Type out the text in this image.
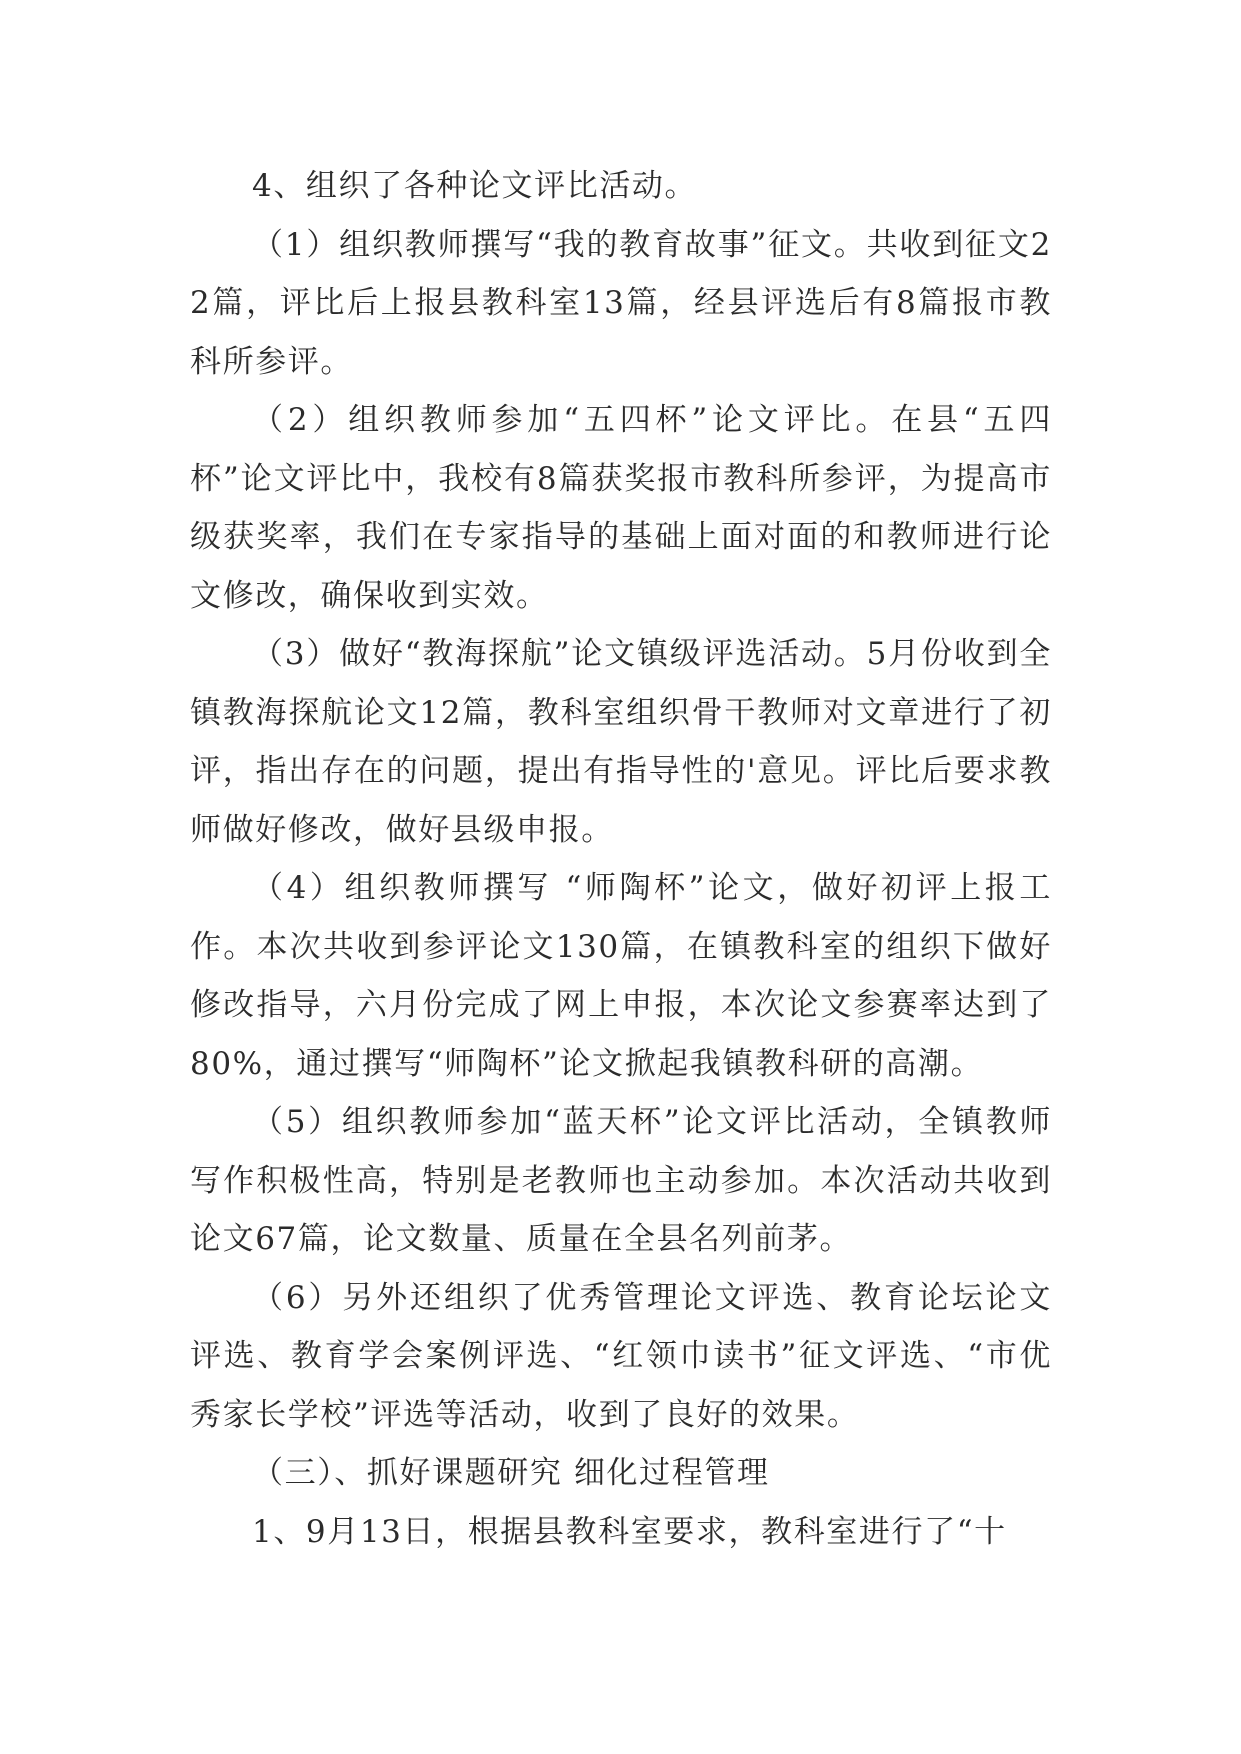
4、组织了各种论文评比活动。

（1）组织教师撰写“我的教育故事”征文。共收到征文22篇，评比后上报县教科室13篇，经县评选后有8篇报市教科所参评。

（2）组织教师参加“五四杯”论文评比。在县“五四杯”论文评比中，我校有8篇获奖报市教科所参评，为提高市级获奖率，我们在专家指导的基础上面对面的和教师进行论文修改，确保收到实效。

（3）做好“教海探航”论文镇级评选活动。5月份收到全镇教海探航论文12篇，教科室组织骨干教师对文章进行了初评，指出存在的问题，提出有指导性的'意见。评比后要求教师做好修改，做好县级申报。

（4）组织教师撰写 “师陶杯”论文，做好初评上报工作。本次共收到参评论文130篇，在镇教科室的组织下做好修改指导，六月份完成了网上申报，本次论文参赛率达到了80%，通过撰写“师陶杯”论文掀起我镇教科研的高潮。

（5）组织教师参加“蓝天杯”论文评比活动，全镇教师写作积极性高，特别是老教师也主动参加。本次活动共收到论文67篇，论文数量、质量在全县名列前茅。

（6）另外还组织了优秀管理论文评选、教育论坛论文评选、教育学会案例评选、“红领巾读书”征文评选、“市优秀家长学校”评选等活动，收到了良好的效果。

（三）、抓好课题研究 细化过程管理

1、9月13日，根据县教科室要求，教科室进行了“十
